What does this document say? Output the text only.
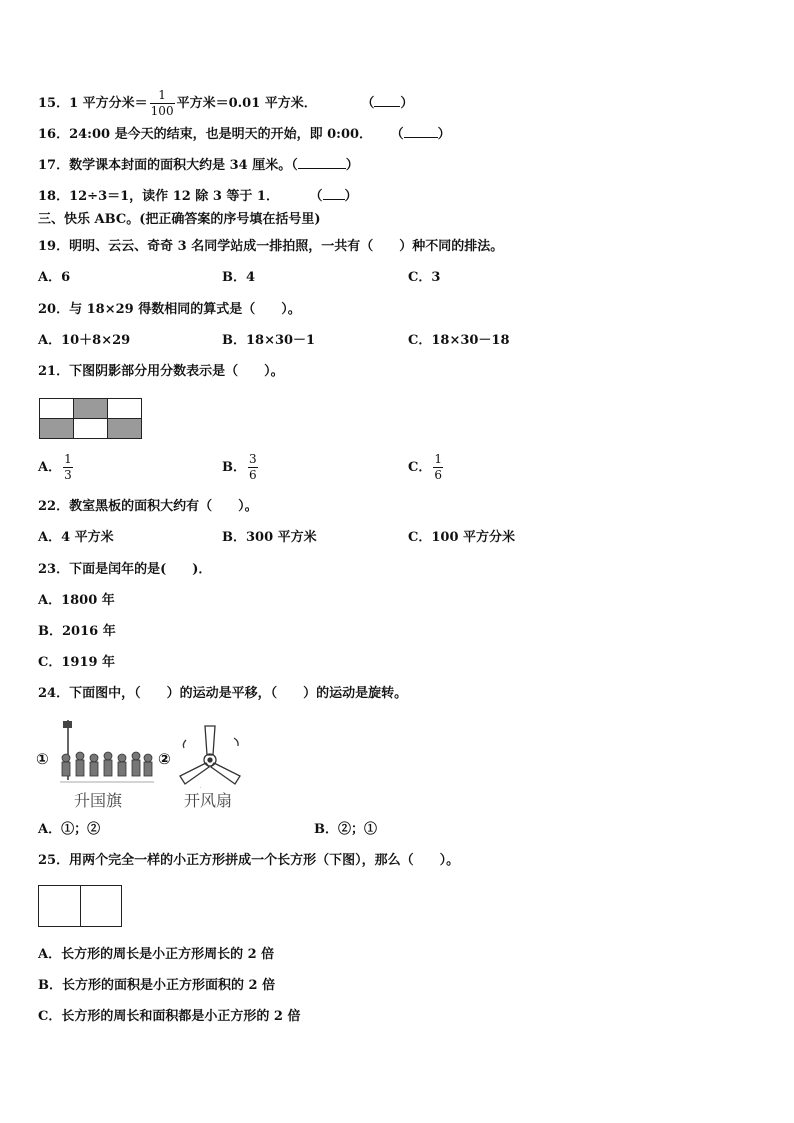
15．1 平方分米＝ $\frac{1}{100}$ 平方米＝0.01 平方米．	（ ）
16．24:00 是今天的结束，也是明天的开始，即 0:00． （	）
17．数学课本封面的面积大约是 34 厘米。（	）
18．12÷3＝1，读作 12 除 3 等于 1． （ ）
三、快乐 ABC。(把正确答案的序号填在括号里)
19．明明、云云、奇奇 3 名同学站成一排拍照，一共有（　　）种不同的排法。
A．6	B．4	C．3
20．与 18×29 得数相同的算式是（　　）。
A．10＋8×29	B．18×30－1	C．18×30－18
21．下图阴影部分用分数表示是（　　）。

A． $\frac{1}{3}$	B． $\frac{3}{6}$	C． $\frac{1}{6}$
22．教室黑板的面积大约有（　　）。
A．4 平方米	B．300 平方米	C．100 平方分米
23．下面是闰年的是(　　)．
A．1800 年
B．2016 年
C．1919 年
24．下面图中，（　　）的运动是平移，（　　）的运动是旋转。
①
升国旗
②
开风扇
A．①；②	B．②；①
25．用两个完全一样的小正方形拼成一个长方形（下图），那么（　　）。
A．长方形的周长是小正方形周长的 2 倍
B．长方形的面积是小正方形面积的 2 倍
C．长方形的周长和面积都是小正方形的 2 倍
